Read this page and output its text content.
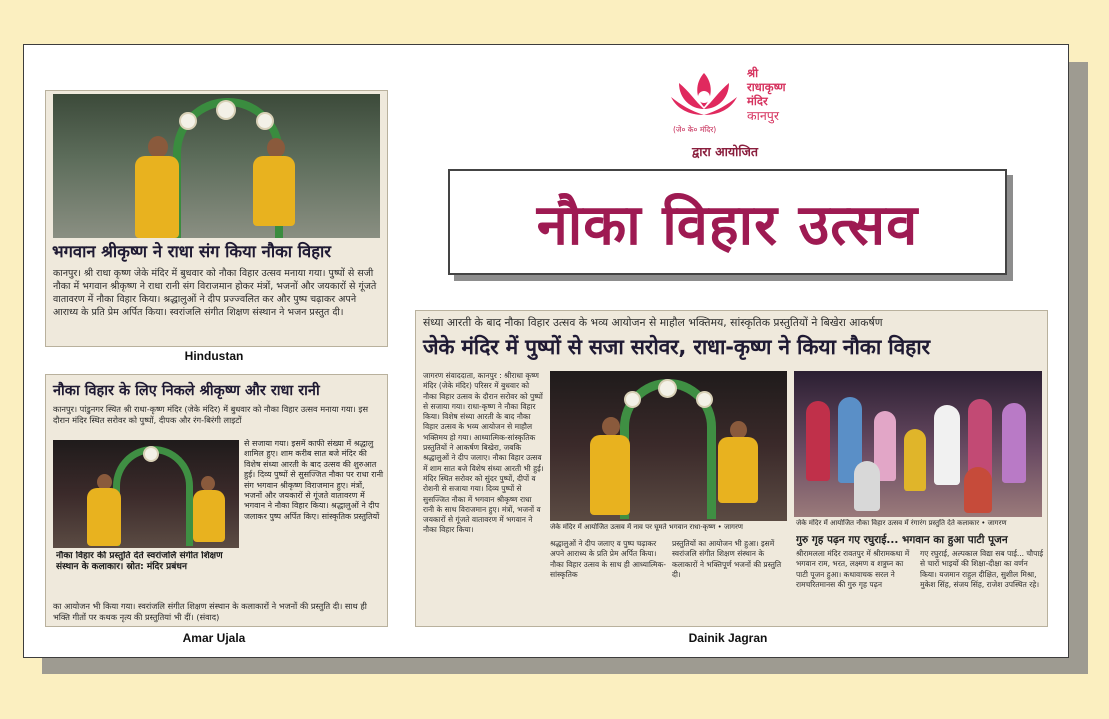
भगवान श्रीकृष्ण ने राधा संग किया नौका विहार
कानपुर। श्री राधा कृष्ण जेके मंदिर में बुधवार को नौका विहार उत्सव मनाया गया। पुष्पों से सजी नौका में भगवान श्रीकृष्ण ने राधा रानी संग विराजमान होकर मंत्रों, भजनों और जयकारों से गूंजते वातावरण में नौका विहार किया। श्रद्धालुओं ने दीप प्रज्ज्वलित कर और पुष्प चढ़ाकर अपने आराध्य के प्रति प्रेम अर्पित किया। स्वरांजलि संगीत शिक्षण संस्थान ने भजन प्रस्तुत दी।
Hindustan
नौका विहार के लिए निकले श्रीकृष्ण और राधा रानी
कानपुर। पांडुनगर स्थित श्री राधा-कृष्ण मंदिर (जेके मंदिर) में बुधवार को नौका विहार उत्सव मनाया गया। इस दौरान मंदिर स्थित सरोवर को पुष्पों, दीपक और रंग-बिरंगी लाइटों
से सजाया गया। इसमें काफी संख्या में श्रद्धालु शामिल हुए। शाम करीब सात बजे मंदिर की विशेष संध्या आरती के बाद उत्सव की शुरुआत हुई। दिव्य पुष्पों से सुसज्जित नौका पर राधा रानी संग भगवान श्रीकृष्ण विराजमान हुए। मंत्रों, भजनों और जयकारों से गूंजते वातावरण में भगवान ने नौका विहार किया। श्रद्धालुओं ने दीप जलाकर पुष्प अर्पित किए। सांस्कृतिक प्रस्तुतियों
नौका विहार की प्रस्तुति देते स्वरांजलि संगीत शिक्षण संस्थान के कलाकार। स्रोत: मंदिर प्रबंधन
का आयोजन भी किया गया। स्वरांजलि संगीत शिक्षण संस्थान के कलाकारों ने भजनों की प्रस्तुति दी। साथ ही भक्ति गीतों पर कथक नृत्य की प्रस्तुतियां भी दीं। (संवाद)
Amar Ujala
(जे० के० मंदिर)
श्री
राधाकृष्ण
मंदिर
कानपुर
द्वारा आयोजित
नौका विहार उत्सव
संध्या आरती के बाद नौका विहार उत्सव के भव्य आयोजन से माहौल भक्तिमय, सांस्कृतिक प्रस्तुतियों ने बिखेरा आकर्षण
जेके मंदिर में पुष्पों से सजा सरोवर, राधा-कृष्ण ने किया नौका विहार
जागरण संवाददाता, कानपुर : श्रीराधा कृष्ण मंदिर (जेके मंदिर) परिसर में बुधवार को नौका विहार उत्सव के दौरान सरोवर को पुष्पों से सजाया गया। राधा-कृष्ण ने नौका विहार किया। विशेष संध्या आरती के बाद नौका विहार उत्सव के भव्य आयोजन से माहौल भक्तिमय हो गया। आध्यात्मिक-सांस्कृतिक प्रस्तुतियों ने आकर्षण बिखेरा, जबकि श्रद्धालुओं ने दीप जलाए। नौका विहार उत्सव में शाम सात बजे विशेष संध्या आरती भी हुई। मंदिर स्थित सरोवर को सुंदर पुष्पों, दीपों व रोशनी से सजाया गया। दिव्य पुष्पों से सुसज्जित नौका में भगवान श्रीकृष्ण राधा रानी के साथ विराजमान हुए। मंत्रों, भजनों व जयकारों से गूंजते वातावरण में भगवान ने नौका विहार किया।	जेके मंदिर में आयोजित उत्सव में नाव पर घूमते भगवान राधा-कृष्ण • जागरण	जेके मंदिर में आयोजित नौका विहार उत्सव में रंगारंग प्रस्तुति देते कलाकार • जागरण
श्रद्धालुओं ने दीप जलाए व पुष्प चढ़ाकर अपने आराध्य के प्रति प्रेम अर्पित किया। नौका विहार उत्सव के साथ ही आध्यात्मिक-सांस्कृतिक
प्रस्तुतियों का आयोजन भी हुआ। इसमें स्वरांजलि संगीत शिक्षण संस्थान के कलाकारों ने भक्तिपूर्ण भजनों की प्रस्तुति दी।
गुरु गृह पढ़न गए रघुराई... भगवान का हुआ पाटी पूजन
श्रीरामलला मंदिर रावतपुर में श्रीरामकथा में भगवान राम, भरत, लक्ष्मण व शत्रुघ्न का पाटी पूजन हुआ। कथावाचक सरल ने रामचरितमानस की गुरु गृह पढ़न
गए रघुराई, अल्पकाल विद्या सब पाई... चौपाई से चारों भाइयों की शिक्षा-दीक्षा का वर्णन किया। यजमान राहुल दीक्षित, सुशील मिश्रा, मुकेश सिंह, संजय सिंह, राजेश उपस्थित रहे।
Dainik Jagran
